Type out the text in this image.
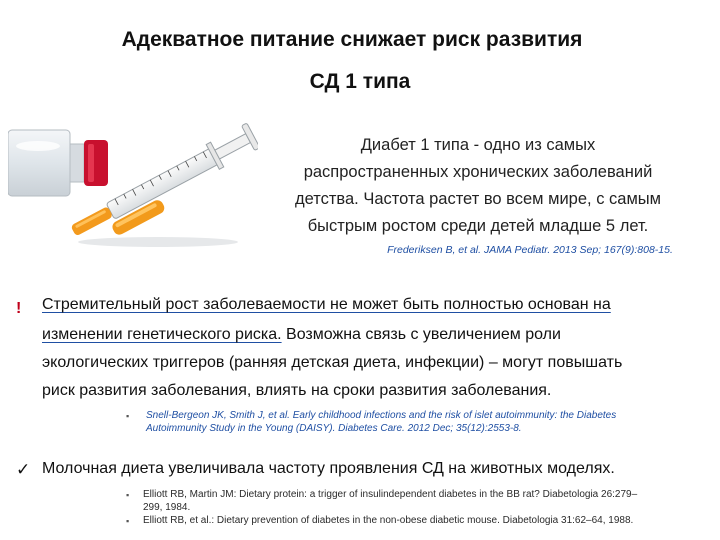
Адекватное питание снижает риск развития
СД 1 типа
Диабет 1 типа - одно из самых
распространенных хронических заболеваний
детства. Частота растет во всем мире, с самым
быстрым ростом среди детей младше 5 лет.
Frederiksen B, et al. JAMA Pediatr. 2013 Sep; 167(9):808-15.
! Стремительный рост заболеваемости не может быть полностью основан на
изменении генетического риска. Возможна связь с увеличением роли
экологических триггеров (ранняя детская диета, инфекции) – могут повышать
риск развития заболевания, влиять на сроки развития заболевания.
▪ Snell-Bergeon JK, Smith J, et al. Early childhood infections and the risk of islet autoimmunity: the Diabetes
Autoimmunity Study in the Young (DAISY). Diabetes Care. 2012 Dec; 35(12):2553-8.
✓ Молочная диета увеличивала частоту проявления СД на животных моделях.
▪ Elliott RB, Martin JM: Dietary protein: a trigger of insulindependent diabetes in the BB rat? Diabetologia 26:279–
299, 1984.
▪ Elliott RB, et al.: Dietary prevention of diabetes in the non-obese diabetic mouse. Diabetologia 31:62–64, 1988.
